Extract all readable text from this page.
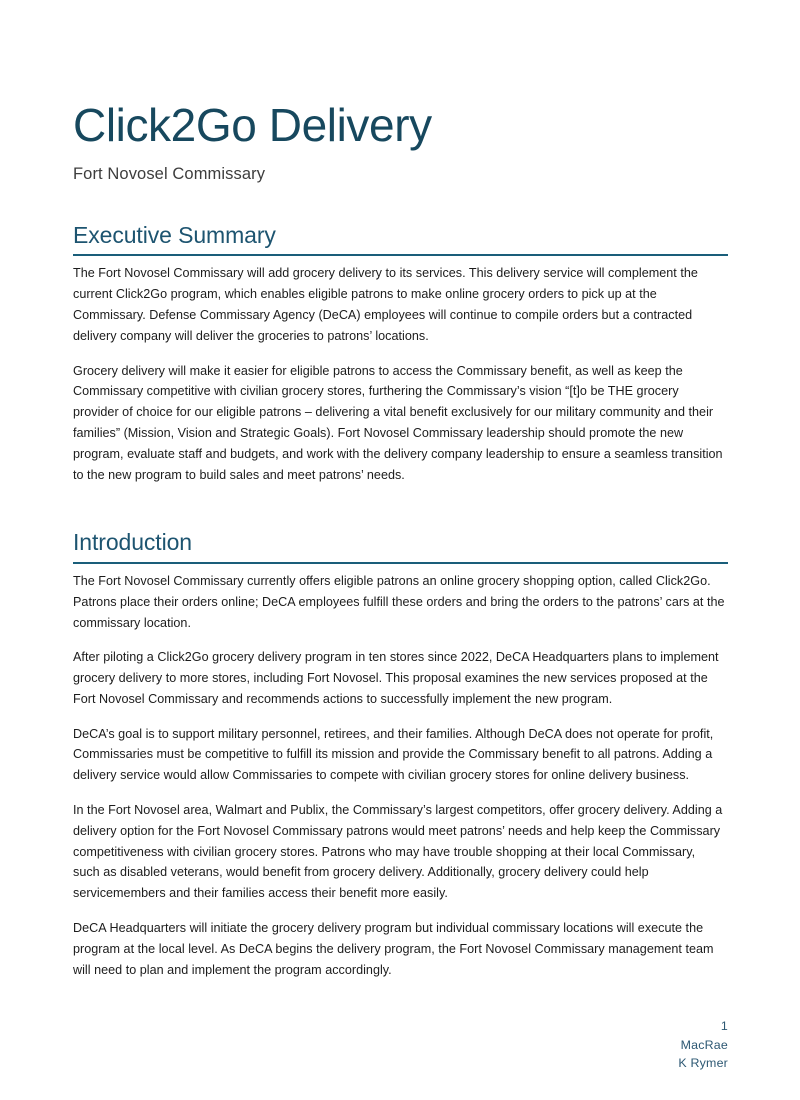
Click2Go Delivery
Fort Novosel Commissary
Executive Summary

The Fort Novosel Commissary will add grocery delivery to its services. This delivery service will complement the current Click2Go program, which enables eligible patrons to make online grocery orders to pick up at the Commissary. Defense Commissary Agency (DeCA) employees will continue to compile orders but a contracted delivery company will deliver the groceries to patrons’ locations.

Grocery delivery will make it easier for eligible patrons to access the Commissary benefit, as well as keep the Commissary competitive with civilian grocery stores, furthering the Commissary’s vision “[t]o be THE grocery provider of choice for our eligible patrons – delivering a vital benefit exclusively for our military community and their families” (Mission, Vision and Strategic Goals). Fort Novosel Commissary leadership should promote the new program, evaluate staff and budgets, and work with the delivery company leadership to ensure a seamless transition to the new program to build sales and meet patrons’ needs.

Introduction

The Fort Novosel Commissary currently offers eligible patrons an online grocery shopping option, called Click2Go. Patrons place their orders online; DeCA employees fulfill these orders and bring the orders to the patrons’ cars at the commissary location.

After piloting a Click2Go grocery delivery program in ten stores since 2022, DeCA Headquarters plans to implement grocery delivery to more stores, including Fort Novosel. This proposal examines the new services proposed at the Fort Novosel Commissary and recommends actions to successfully implement the new program.

DeCA’s goal is to support military personnel, retirees, and their families. Although DeCA does not operate for profit, Commissaries must be competitive to fulfill its mission and provide the Commissary benefit to all patrons. Adding a delivery service would allow Commissaries to compete with civilian grocery stores for online delivery business.

In the Fort Novosel area, Walmart and Publix, the Commissary’s largest competitors, offer grocery delivery. Adding a delivery option for the Fort Novosel Commissary patrons would meet patrons’ needs and help keep the Commissary competitiveness with civilian grocery stores. Patrons who may have trouble shopping at their local Commissary, such as disabled veterans, would benefit from grocery delivery. Additionally, grocery delivery could help servicemembers and their families access their benefit more easily.

DeCA Headquarters will initiate the grocery delivery program but individual commissary locations will execute the program at the local level. As DeCA begins the delivery program, the Fort Novosel Commissary management team will need to plan and implement the program accordingly.

1
MacRae
K Rymer
